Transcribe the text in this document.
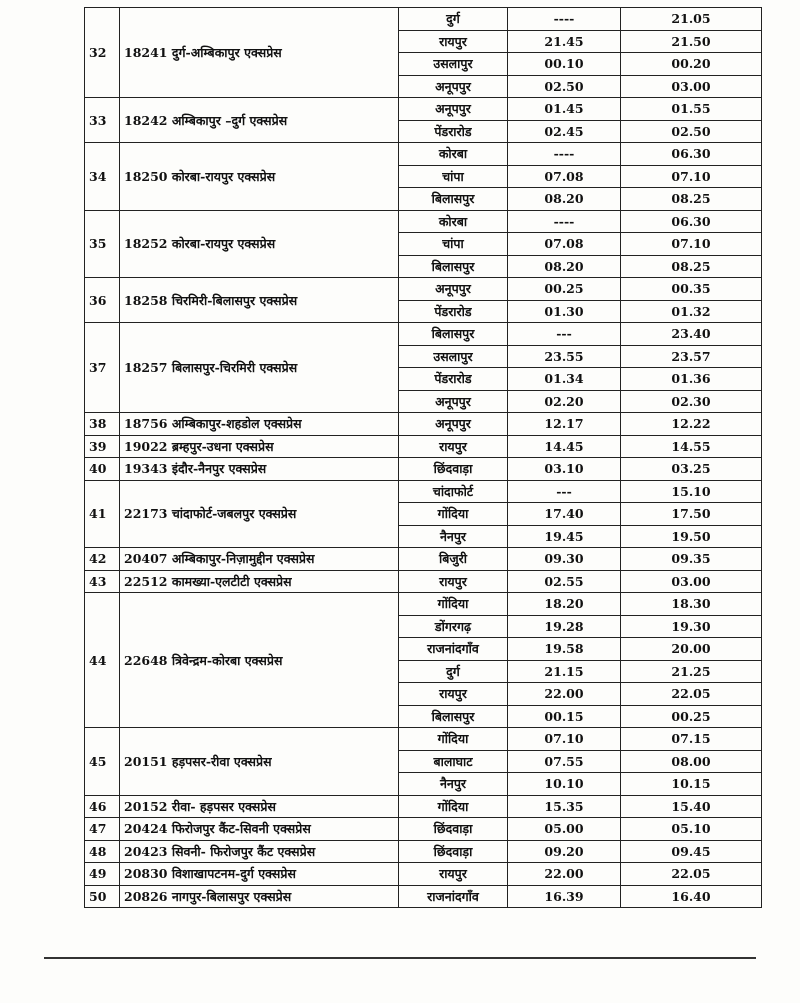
32	18241 दुर्ग-अम्बिकापुर एक्सप्रेस	दुर्ग	----	21.05
		रायपुर	21.45	21.50
		उसलापुर	00.10	00.20
		अनूपपुर	02.50	03.00
33	18242 अम्बिकापुर –दुर्ग एक्सप्रेस	अनूपपुर	01.45	01.55
		पेंडरारोड	02.45	02.50
34	18250 कोरबा-रायपुर एक्सप्रेस	कोरबा	----	06.30
		चांपा	07.08	07.10
		बिलासपुर	08.20	08.25
35	18252 कोरबा-रायपुर एक्सप्रेस	कोरबा	----	06.30
		चांपा	07.08	07.10
		बिलासपुर	08.20	08.25
36	18258 चिरमिरी-बिलासपुर एक्सप्रेस	अनूपपुर	00.25	00.35
		पेंडरारोड	01.30	01.32
37	18257 बिलासपुर-चिरमिरी एक्सप्रेस	बिलासपुर	---	23.40
		उसलापुर	23.55	23.57
		पेंडरारोड	01.34	01.36
		अनूपपुर	02.20	02.30
38	18756 अम्बिकापुर-शहडोल एक्सप्रेस	अनूपपुर	12.17	12.22
39	19022 ब्रम्हपुर-उधना एक्सप्रेस	रायपुर	14.45	14.55
40	19343 इंदौर-नैनपुर एक्सप्रेस	छिंदवाड़ा	03.10	03.25
41	22173 चांदाफोर्ट-जबलपुर एक्सप्रेस	चांदाफोर्ट	---	15.10
		गोंदिया	17.40	17.50
		नैनपुर	19.45	19.50
42	20407 अम्बिकापुर-निज़ामुद्दीन एक्सप्रेस	बिजुरी	09.30	09.35
43	22512 कामख्या-एलटीटी एक्सप्रेस	रायपुर	02.55	03.00
44	22648 त्रिवेन्द्रम-कोरबा एक्सप्रेस	गोंदिया	18.20	18.30
		डोंगरगढ़	19.28	19.30
		राजनांदगाँव	19.58	20.00
		दुर्ग	21.15	21.25
		रायपुर	22.00	22.05
		बिलासपुर	00.15	00.25
45	20151 हड़पसर-रीवा एक्सप्रेस	गोंदिया	07.10	07.15
		बालाघाट	07.55	08.00
		नैनपुर	10.10	10.15
46	20152 रीवा- हड़पसर एक्सप्रेस	गोंदिया	15.35	15.40
47	20424 फिरोजपुर कैंट-सिवनी एक्सप्रेस	छिंदवाड़ा	05.00	05.10
48	20423 सिवनी- फिरोजपुर कैंट एक्सप्रेस	छिंदवाड़ा	09.20	09.45
49	20830 विशाखापटनम-दुर्ग एक्सप्रेस	रायपुर	22.00	22.05
50	20826 नागपुर-बिलासपुर एक्सप्रेस	राजनांदगाँव	16.39	16.40
